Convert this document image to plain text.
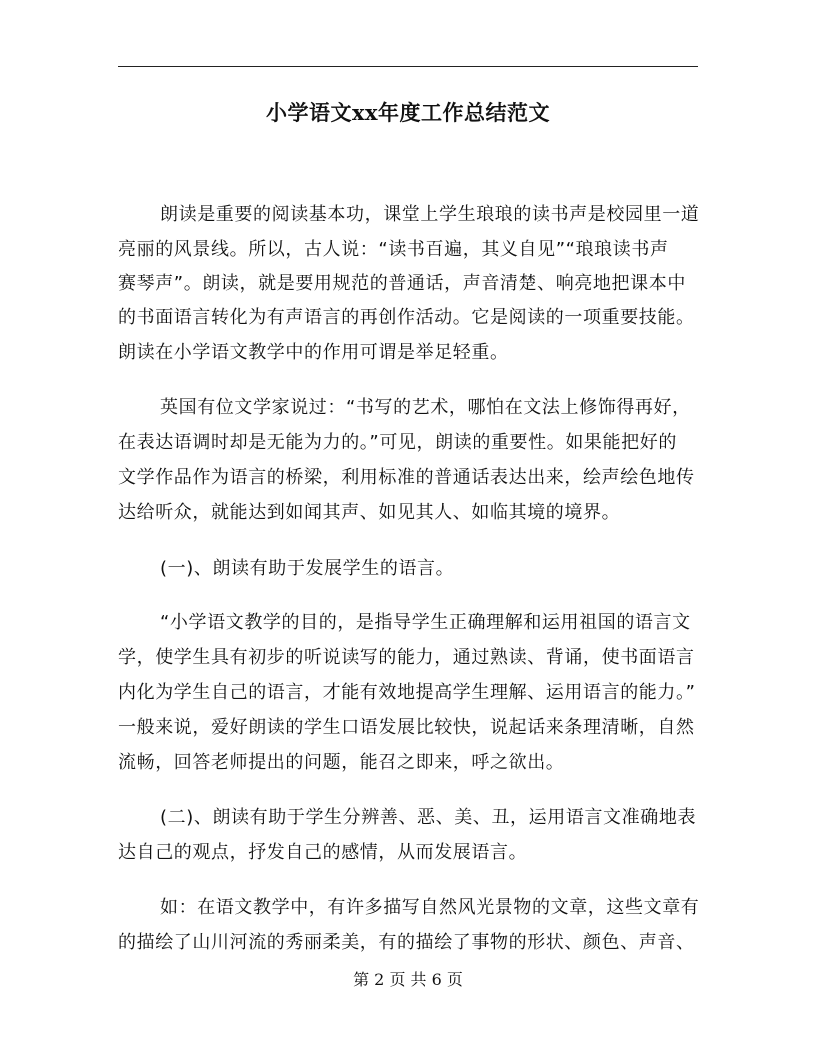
小学语文xx年度工作总结范文
朗读是重要的阅读基本功，课堂上学生琅琅的读书声是校园里一道
亮丽的风景线。所以，古人说：“读书百遍，其义自见”“琅琅读书声
赛琴声”。朗读，就是要用规范的普通话，声音清楚、响亮地把课本中
的书面语言转化为有声语言的再创作活动。它是阅读的一项重要技能。
朗读在小学语文教学中的作用可谓是举足轻重。
英国有位文学家说过：“书写的艺术，哪怕在文法上修饰得再好，
在表达语调时却是无能为力的。”可见，朗读的重要性。如果能把好的
文学作品作为语言的桥梁，利用标准的普通话表达出来，绘声绘色地传
达给听众，就能达到如闻其声、如见其人、如临其境的境界。
(一)、朗读有助于发展学生的语言。
“小学语文教学的目的，是指导学生正确理解和运用祖国的语言文
学，使学生具有初步的听说读写的能力，通过熟读、背诵，使书面语言
内化为学生自己的语言，才能有效地提高学生理解、运用语言的能力。”
一般来说，爱好朗读的学生口语发展比较快，说起话来条理清晰，自然
流畅，回答老师提出的问题，能召之即来，呼之欲出。
(二)、朗读有助于学生分辨善、恶、美、丑，运用语言文准确地表
达自己的观点，抒发自己的感情，从而发展语言。
如：在语文教学中，有许多描写自然风光景物的文章，这些文章有
的描绘了山川河流的秀丽柔美，有的描绘了事物的形状、颜色、声音、
第 2 页 共 6 页
